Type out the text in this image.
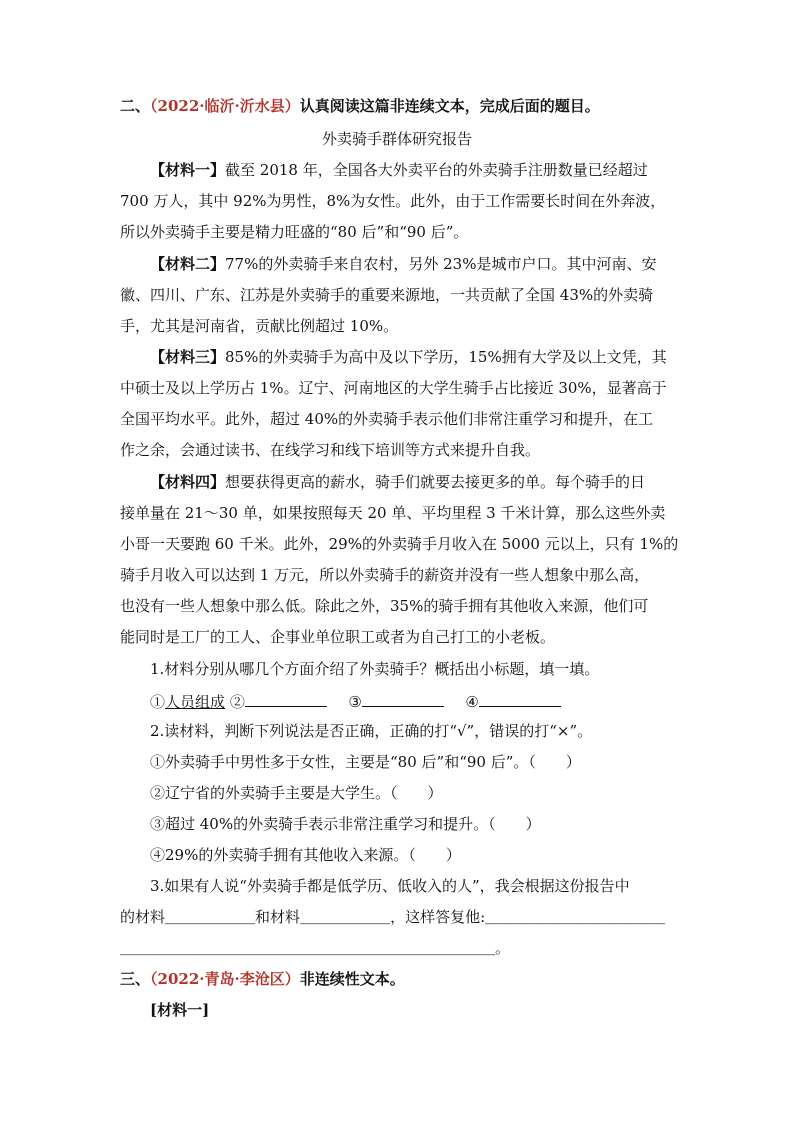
二、（2022·临沂·沂水县）认真阅读这篇非连续文本，完成后面的题目。
外卖骑手群体研究报告
【材料一】截至 2018 年，全国各大外卖平台的外卖骑手注册数量已经超过
700 万人，其中 92%为男性，8%为女性。此外，由于工作需要长时间在外奔波，
所以外卖骑手主要是精力旺盛的“80 后”和“90 后”。
【材料二】77%的外卖骑手来自农村，另外 23%是城市户口。其中河南、安
徽、四川、广东、江苏是外卖骑手的重要来源地，一共贡献了全国 43%的外卖骑
手，尤其是河南省，贡献比例超过 10%。
【材料三】85%的外卖骑手为高中及以下学历，15%拥有大学及以上文凭，其
中硕士及以上学历占 1%。辽宁、河南地区的大学生骑手占比接近 30%，显著高于
全国平均水平。此外，超过 40%的外卖骑手表示他们非常注重学习和提升，在工
作之余，会通过读书、在线学习和线下培训等方式来提升自我。
【材料四】想要获得更高的薪水，骑手们就要去接更多的单。每个骑手的日
接单量在 21～30 单，如果按照每天 20 单、平均里程 3 千米计算，那么这些外卖
小哥一天要跑 60 千米。此外，29%的外卖骑手月收入在 5000 元以上，只有 1%的
骑手月收入可以达到 1 万元，所以外卖骑手的薪资并没有一些人想象中那么高，
也没有一些人想象中那么低。除此之外，35%的骑手拥有其他收入来源，他们可
能同时是工厂的工人、企事业单位职工或者为自己打工的小老板。
1.材料分别从哪几个方面介绍了外卖骑手？概括出小标题，填一填。
①人员组成 ②	③	④
2.读材料，判断下列说法是否正确，正确的打“√”，错误的打“×”。
①外卖骑手中男性多于女性，主要是“80 后”和“90 后”。（　　）
②辽宁省的外卖骑手主要是大学生。（　　）
③超过 40%的外卖骑手表示非常注重学习和提升。（　　）
④29%的外卖骑手拥有其他收入来源。（　　）
3.如果有人说“外卖骑手都是低学历、低收入的人”，我会根据这份报告中
的材料＿＿＿＿＿＿和材料＿＿＿＿＿＿，这样答复他:＿＿＿＿＿＿＿＿＿＿＿＿
＿＿＿＿＿＿＿＿＿＿＿＿＿＿＿＿＿＿＿＿＿＿＿＿＿。
三、（2022·青岛·李沧区）非连续性文本。
[材料一]
